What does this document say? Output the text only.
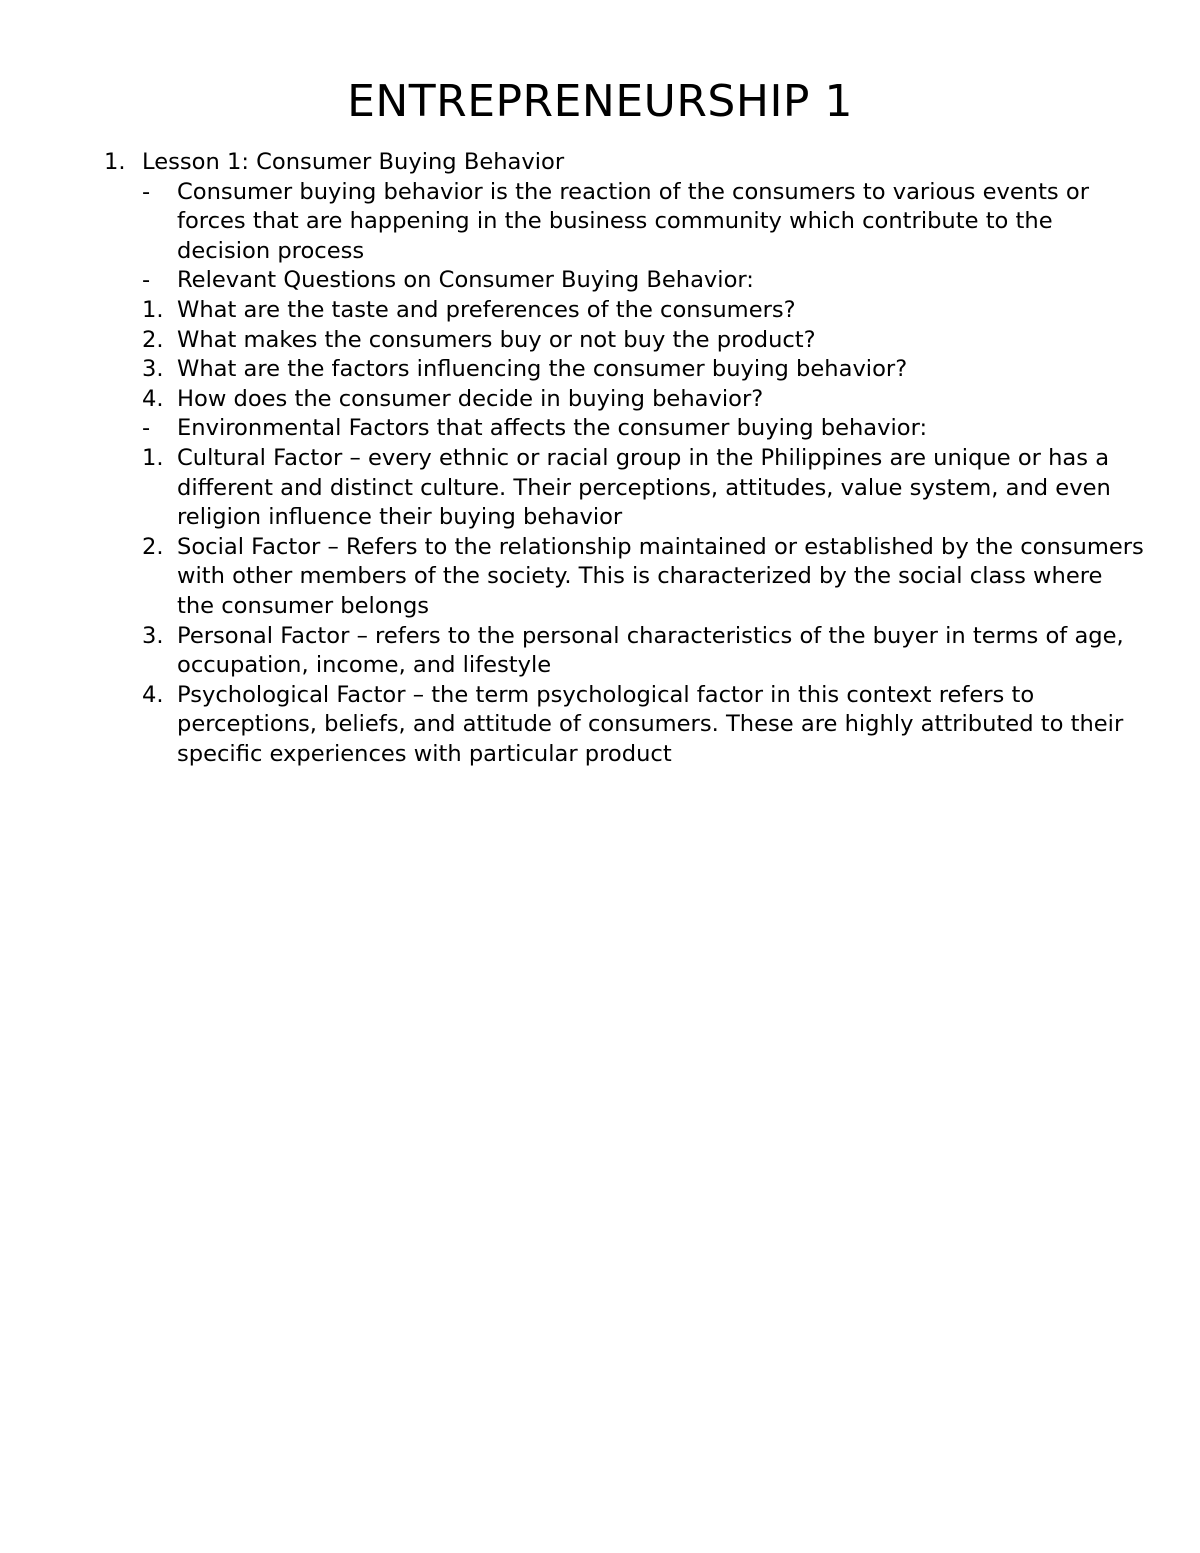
ENTREPRENEURSHIP 1
1. Lesson 1: Consumer Buying Behavior
-	Consumer buying behavior is the reaction of the consumers to various events or forces that are happening in the business community which contribute to the decision process
-	Relevant Questions on Consumer Buying Behavior:
1. What are the taste and preferences of the consumers?
2. What makes the consumers buy or not buy the product?
3. What are the factors influencing the consumer buying behavior?
4. How does the consumer decide in buying behavior?
-	Environmental Factors that affects the consumer buying behavior:
1. Cultural Factor – every ethnic or racial group in the Philippines are unique or has a different and distinct culture. Their perceptions, attitudes, value system, and even religion influence their buying behavior
2. Social Factor – Refers to the relationship maintained or established by the consumers with other members of the society. This is characterized by the social class where the consumer belongs
3. Personal Factor – refers to the personal characteristics of the buyer in terms of age, occupation, income, and lifestyle
4. Psychological Factor – the term psychological factor in this context refers to perceptions, beliefs, and attitude of consumers. These are highly attributed to their specific experiences with particular product
